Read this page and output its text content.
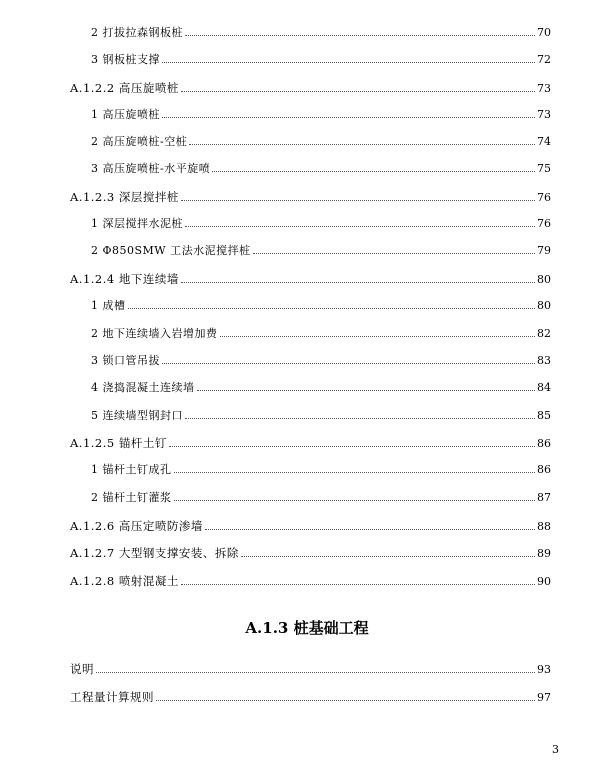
2 打拔拉森钢板桩	70
3 钢板桩支撑	72
A.1.2.2 高压旋喷桩	73
1 高压旋喷桩	73
2 高压旋喷桩-空桩	74
3 高压旋喷桩-水平旋喷	75
A.1.2.3 深层搅拌桩	76
1 深层搅拌水泥桩	76
2 Φ850SMW 工法水泥搅拌桩	79
A.1.2.4 地下连续墙	80
1 成槽	80
2 地下连续墙入岩增加费	82
3 锁口管吊拔	83
4 浇捣混凝土连续墙	84
5 连续墙型钢封口	85
A.1.2.5 锚杆土钉	86
1 锚杆土钉成孔	86
2 锚杆土钉灌浆	87
A.1.2.6 高压定喷防渗墙	88
A.1.2.7 大型钢支撑安装、拆除	89
A.1.2.8 喷射混凝土	90
A.1.3 桩基础工程
说明	93
工程量计算规则	97
3
